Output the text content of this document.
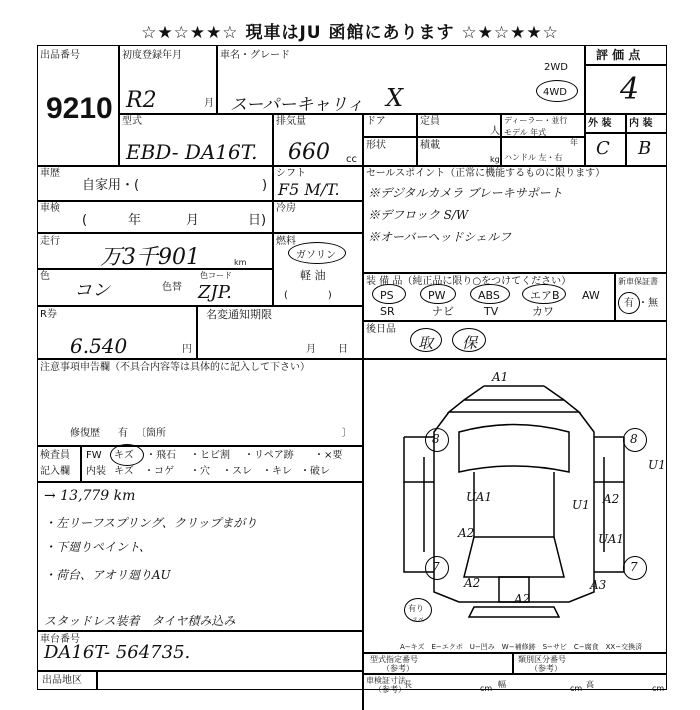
☆★☆★★☆ 現車はJU 函館にあります ☆★☆★★☆
出品番号
9210
初度登録年月
R2	月
車名・グレード
スーパーキャリィ X
2WD
4WD
評 価 点
4
型式
EBD- DA16T.
排気量
660 cc
ドア	定員
人
形状	積載
kg
ディーラー・並行
モデル 年式
年
ハンドル 左・右
外 装 内 装
C B
車歴
自家用・(	)
シフト
F5 M/T.
車検
(	年	月	日)
冷房
走行
万3千901	km
燃料
ガソリン
軽 油
(　　　　)
色
コン	色替
色コード
ZJP.
R券
6.540	円
名変通知期限
月 日
注意事項申告欄（不具合内容等は具体的に記入して下さい）
修復歴 有 〔箇所	〕
検査員
記入欄
FW キズ ・飛石 ・ヒビ割 ・リペア跡 ・×要
内装 キズ ・コゲ ・穴 ・スレ ・キレ ・破レ
→ 13,779 km
・左リーフスプリング、クリップまがり
・下廻りペイント、
・荷台、アオリ廻りAU
スタッドレス装着　タイヤ積み込み
車台番号
DA16T- 564735.
出品地区
セールスポイント（正常に機能するものに限ります）
※デジタルカメラ ブレーキサポート
※デフロック S/W
※オーバーヘッドシェルフ
装 備 品（純正品に限り○をつけてください）
PS	PW	ABS	エアB AW
SR	ナビ	TV	カワ
新車保証書
有 ・無
後日品
取 保
A1
8	8
U1
UA1
U1 A2
A2	UA1
7	7
A2	A3
A2
有り
スペ
A−キズ　E−エクボ　U−凹み　W−補修跡　S−サビ　C−腐食　XX−交換済
型式指定番号
（参考）
類別区分番号
（参考）
車検証寸法
（参考）
長	cm 幅	cm 高	cm
